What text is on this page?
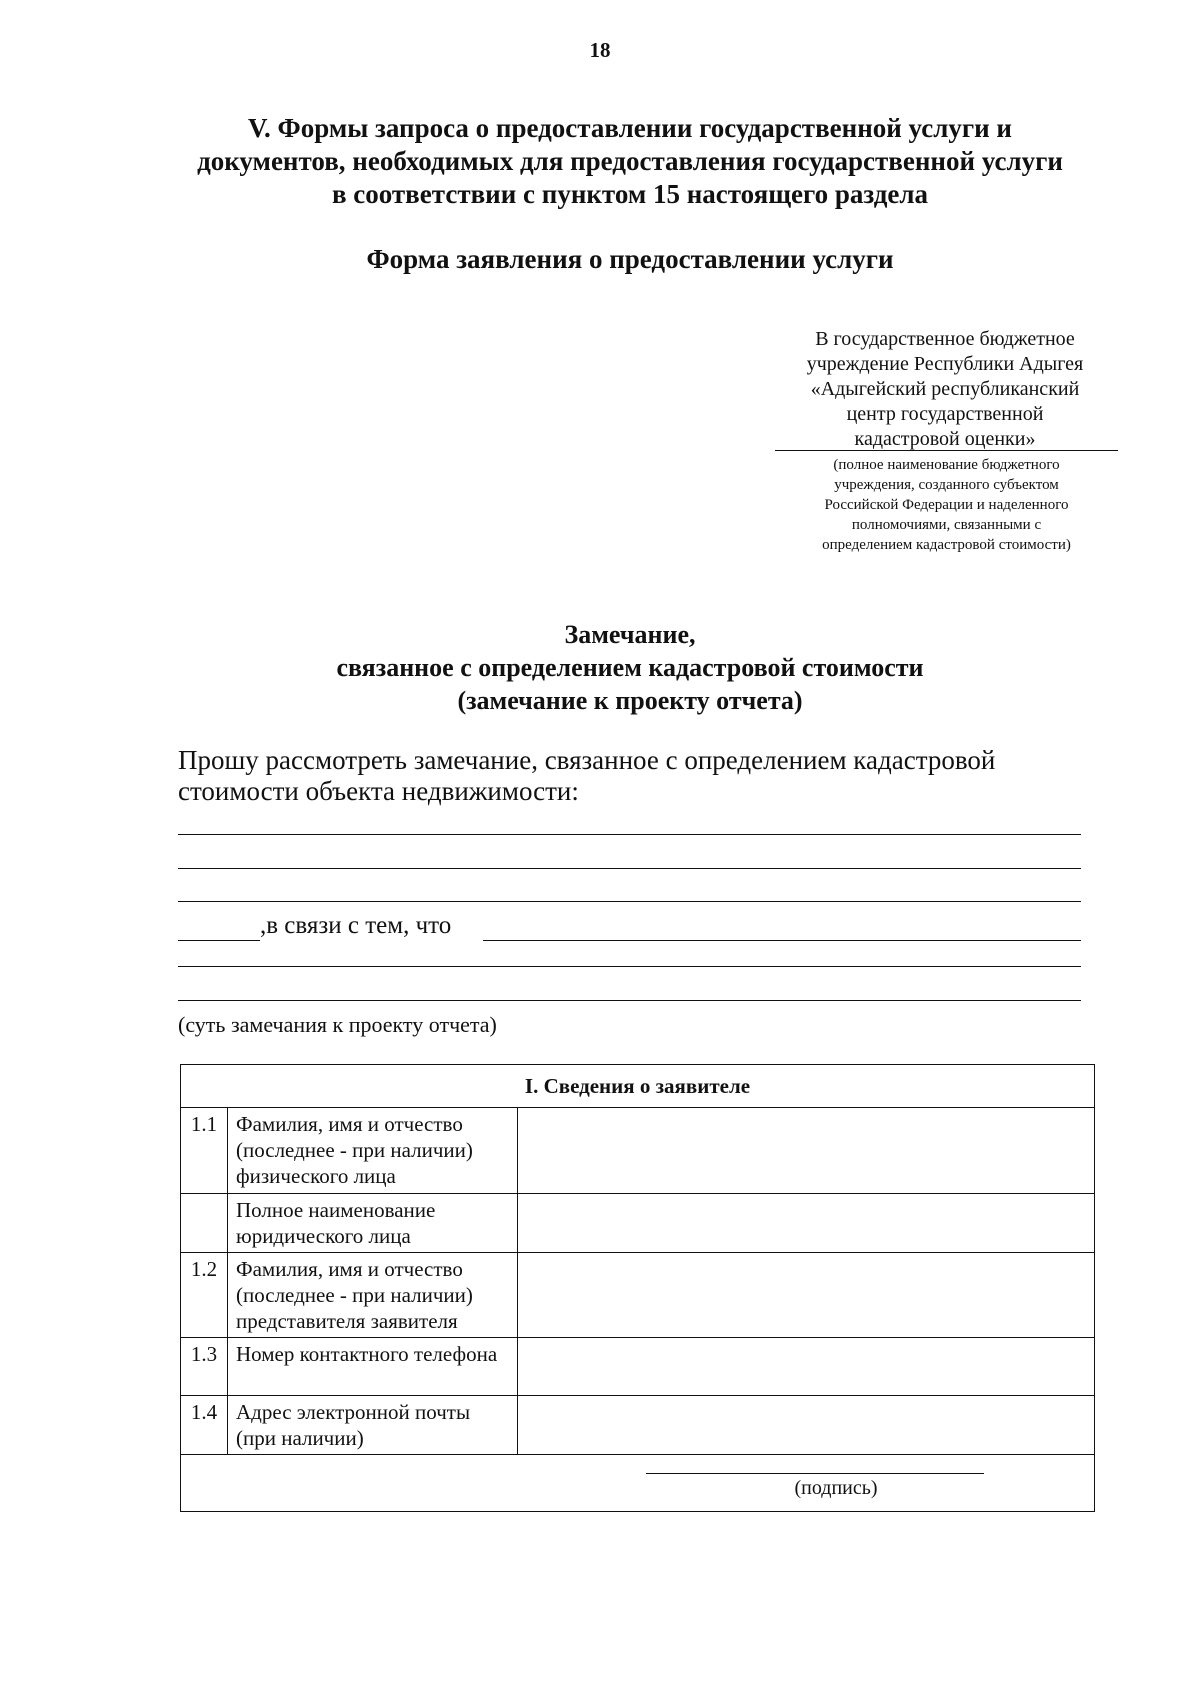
18
V. Формы запроса о предоставлении государственной услуги и
документов, необходимых для предоставления государственной услуги
в соответствии с пунктом 15 настоящего раздела
Форма заявления о предоставлении услуги
В государственное бюджетное
учреждение Республики Адыгея
«Адыгейский республиканский
центр государственной
кадастровой оценки»
(полное наименование бюджетного
учреждения, созданного субъектом
Российской Федерации и наделенного
полномочиями, связанными с
определением кадастровой стоимости)
Замечание,
связанное с определением кадастровой стоимости
(замечание к проекту отчета)
Прошу рассмотреть замечание, связанное с определением кадастровой
стоимости объекта недвижимости:
,в связи с тем, что
(суть замечания к проекту отчета)
I. Сведения о заявителе		
1.1	Фамилия, имя и отчество (последнее - при наличии) физического лица	
	Полное наименование юридического лица	
1.2	Фамилия, имя и отчество (последнее - при наличии) представителя заявителя	
1.3	Номер контактного телефона	
1.4	Адрес электронной почты (при наличии)	

(подпись)		
